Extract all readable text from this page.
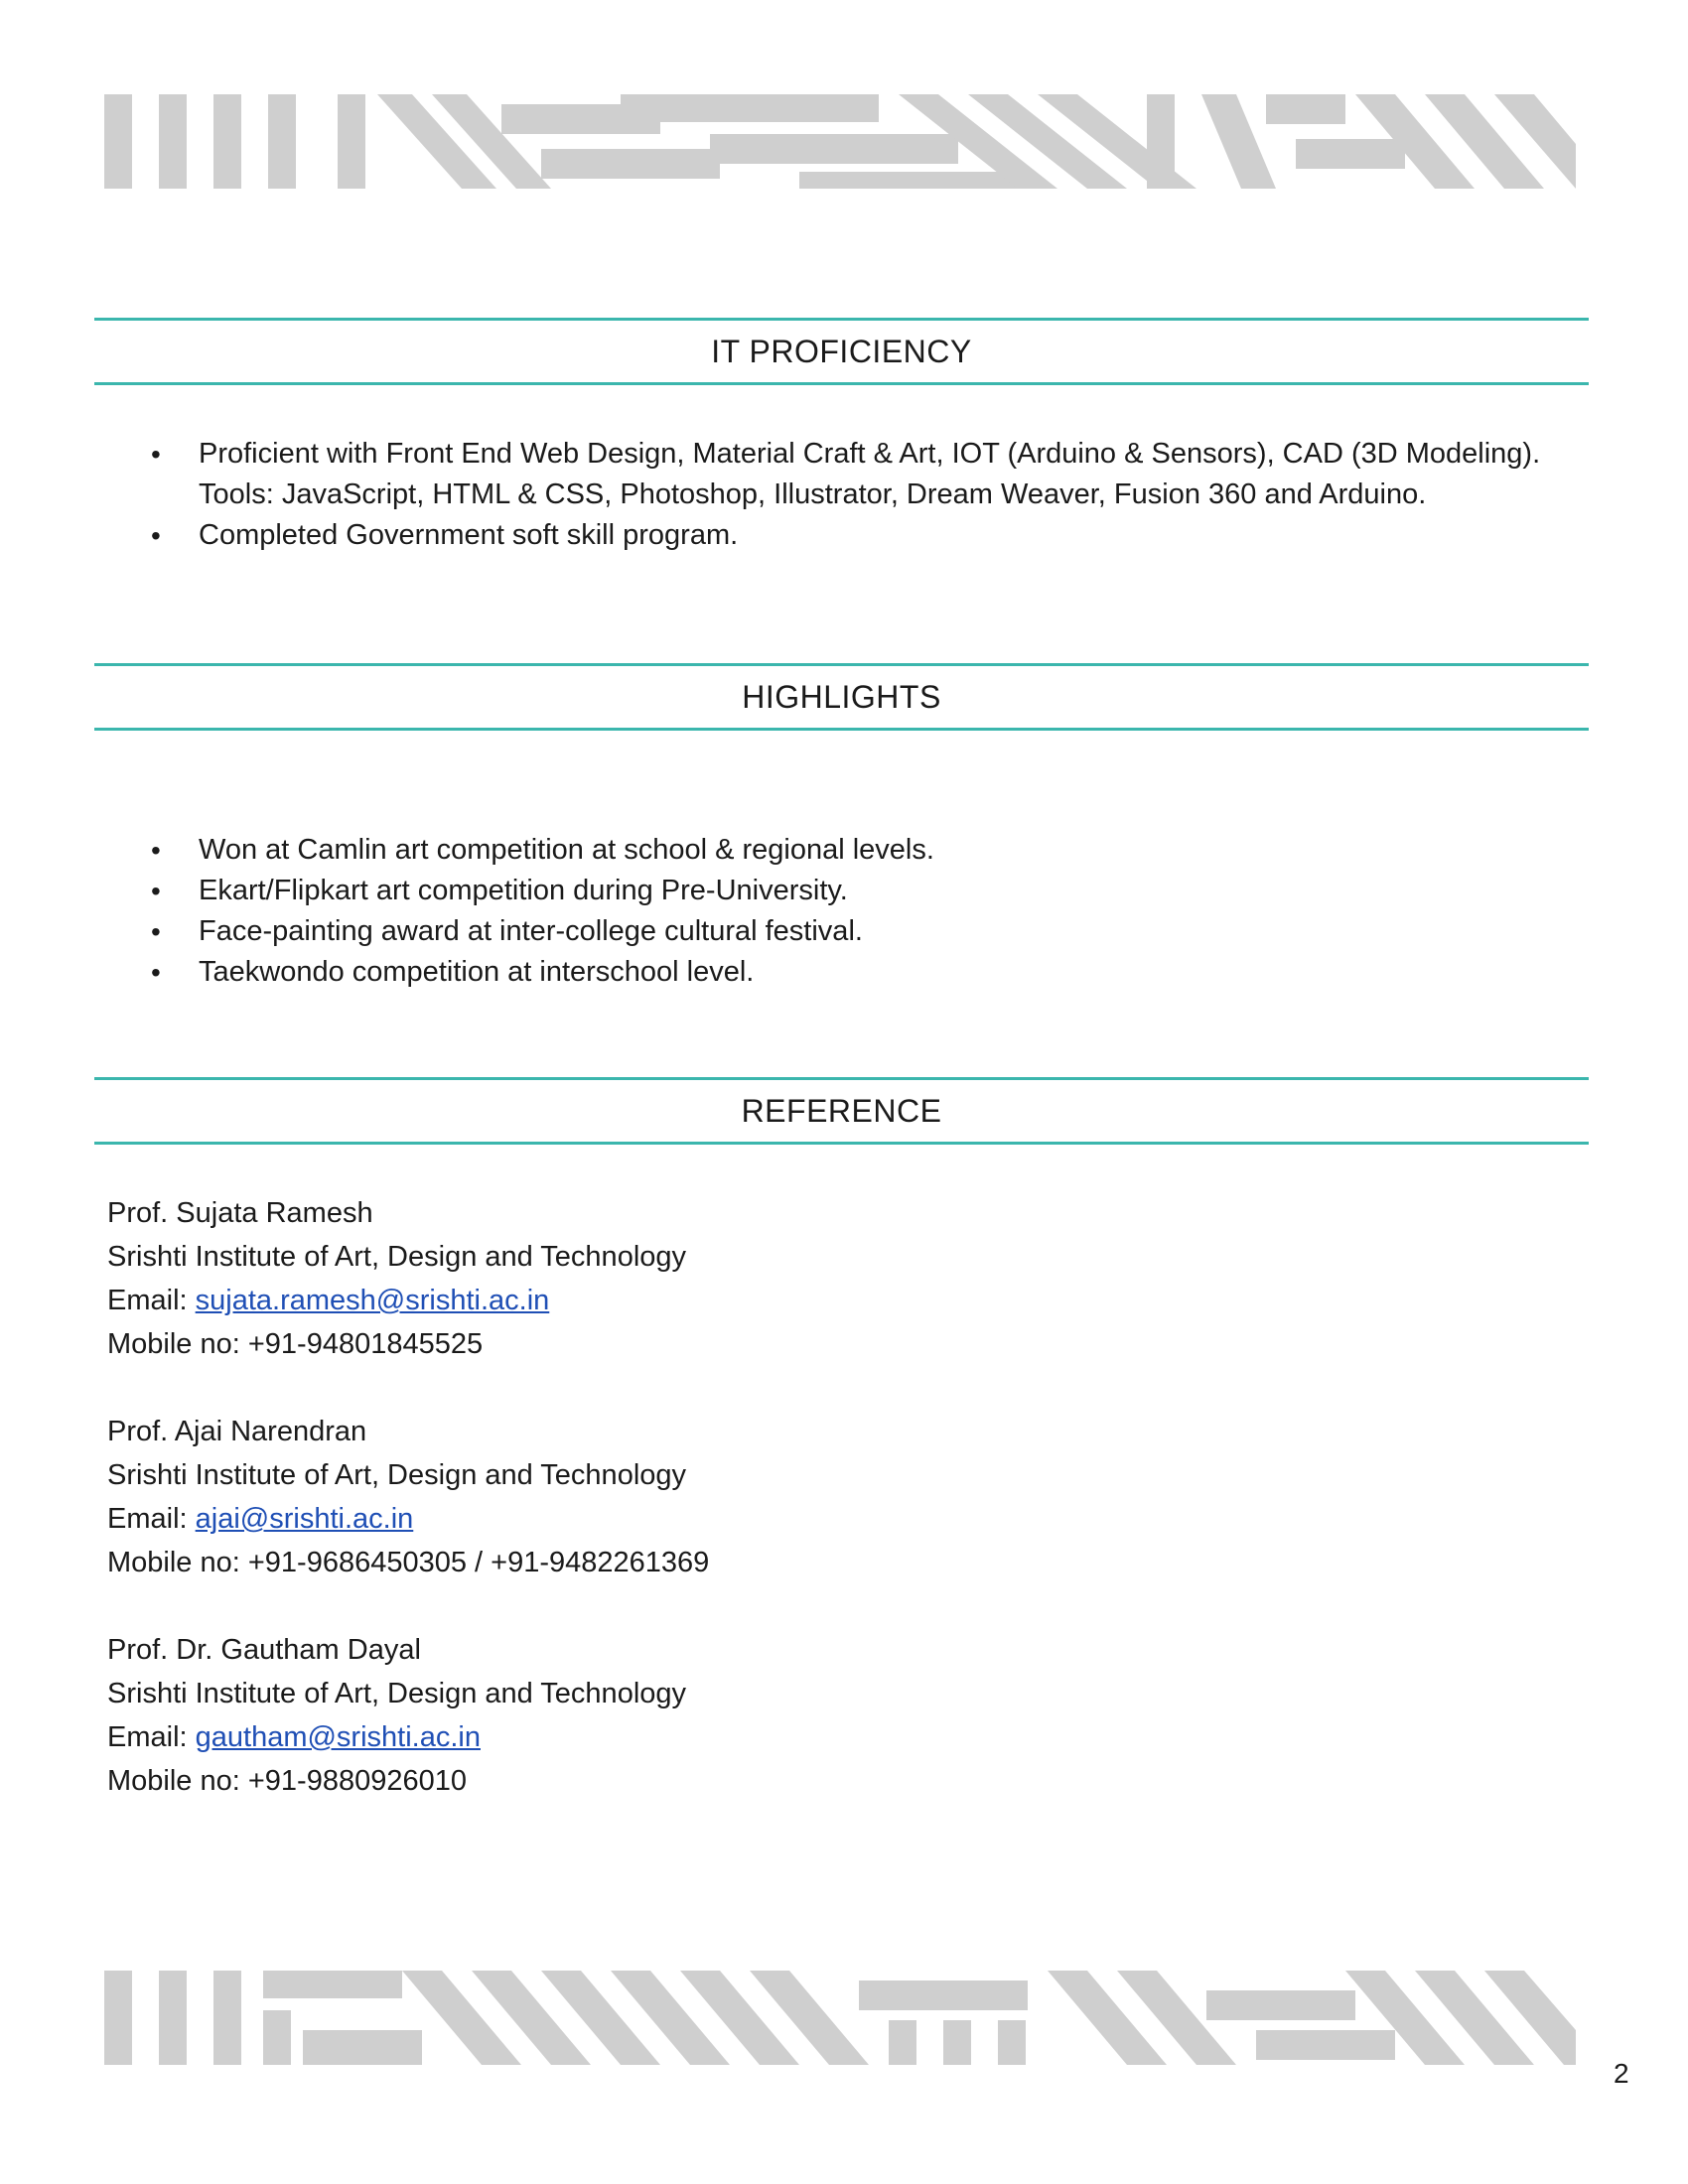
IT PROFICIENCY
• Proficient with Front End Web Design, Material Craft & Art, IOT (Arduino & Sensors), CAD (3D Modeling). Tools: JavaScript, HTML & CSS, Photoshop, Illustrator, Dream Weaver, Fusion 360 and Arduino.
• Completed Government soft skill program.
HIGHLIGHTS
• Won at Camlin art competition at school & regional levels.
• Ekart/Flipkart art competition during Pre-University.
• Face-painting award at inter-college cultural festival.
• Taekwondo competition at interschool level.
REFERENCE
Prof. Sujata Ramesh
Srishti Institute of Art, Design and Technology
Email: sujata.ramesh@srishti.ac.in
Mobile no: +91-94801845525
Prof. Ajai Narendran
Srishti Institute of Art, Design and Technology
Email: ajai@srishti.ac.in
Mobile no: +91-9686450305 / +91-9482261369
Prof. Dr. Gautham Dayal
Srishti Institute of Art, Design and Technology
Email: gautham@srishti.ac.in
Mobile no: +91-9880926010
2
